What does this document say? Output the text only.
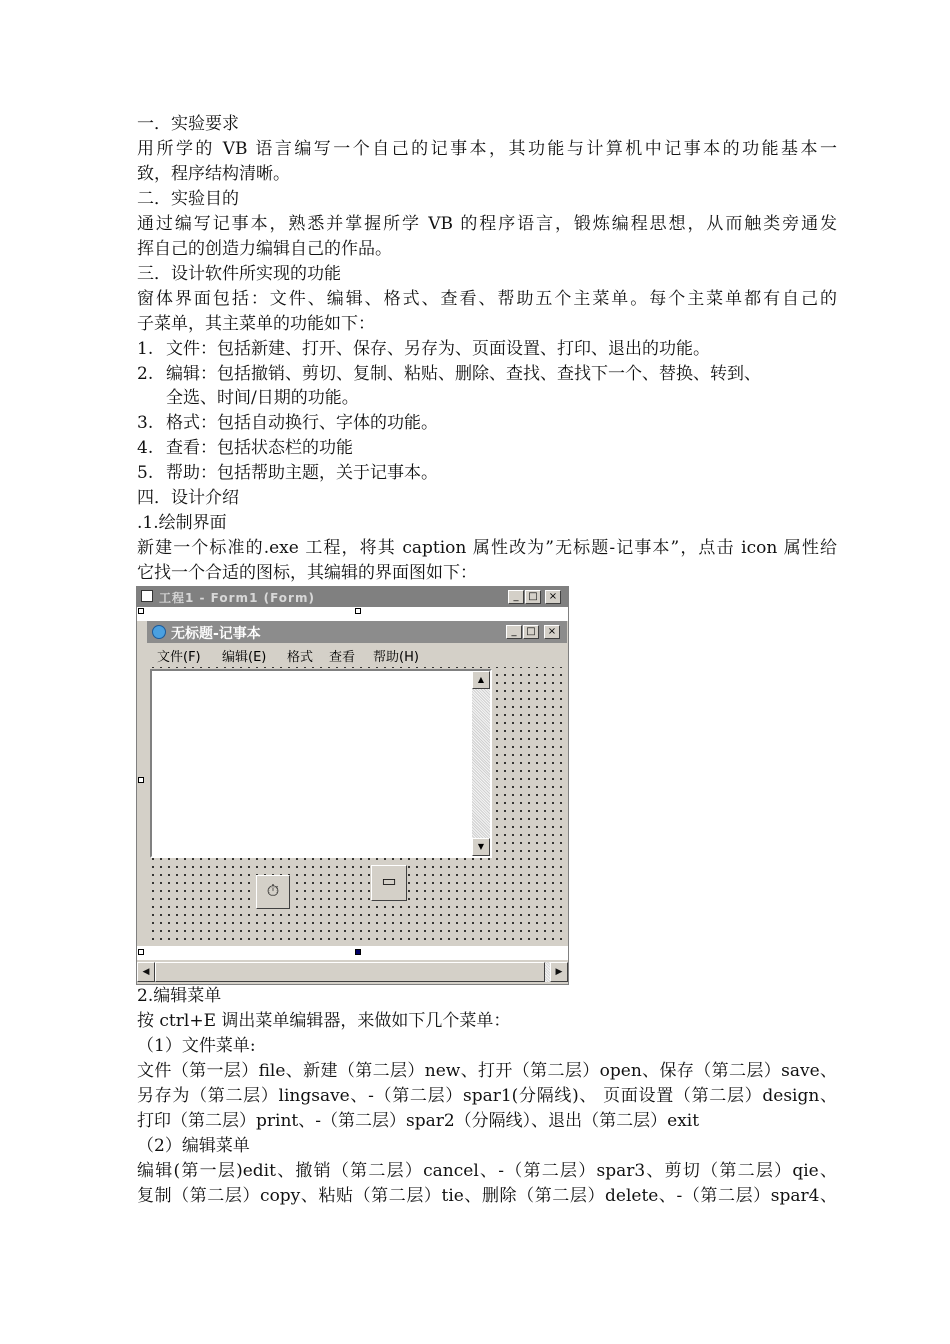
一．实验要求
用所学的 VB 语言编写一个自己的记事本，其功能与计算机中记事本的功能基本一
致，程序结构清晰。
二．实验目的
通过编写记事本，熟悉并掌握所学 VB 的程序语言，锻炼编程思想，从而触类旁通发
挥自己的创造力编辑自己的作品。
三．设计软件所实现的功能
窗体界面包括：文件、编辑、格式、查看、帮助五个主菜单。每个主菜单都有自己的
子菜单，其主菜单的功能如下：
1. 文件：包括新建、打开、保存、另存为、页面设置、打印、退出的功能。
2. 编辑：包括撤销、剪切、复制、粘贴、删除、查找、查找下一个、替换、转到、
全选、时间/日期的功能。
3. 格式：包括自动换行、字体的功能。
4. 查看：包括状态栏的功能
5. 帮助：包括帮助主题，关于记事本。
四．设计介绍
.1.绘制界面
新建一个标准的.exe 工程，将其 caption 属性改为”无标题-记事本”，点击 icon 属性给
它找一个合适的图标，其编辑的界面图如下：
工程1 - Form1 (Form)	_ □	×
无标题-记事本	_ □	×
文件(F) 编辑(E) 格式 查看 帮助(H)
▲
▼
⏱
▭
◀	▶
2.编辑菜单
按 ctrl+E 调出菜单编辑器，来做如下几个菜单：
（1）文件菜单:
文件（第一层）file、新建（第二层）new、打开（第二层）open、保存（第二层）save、
另存为（第二层）lingsave、-（第二层）spar1(分隔线)、 页面设置（第二层）design、
打印（第二层）print、-（第二层）spar2（分隔线）、退出（第二层）exit
（2）编辑菜单
编辑(第一层)edit、撤销（第二层）cancel、-（第二层）spar3、剪切（第二层）qie、
复制（第二层）copy、粘贴（第二层）tie、删除（第二层）delete、-（第二层）spar4、
